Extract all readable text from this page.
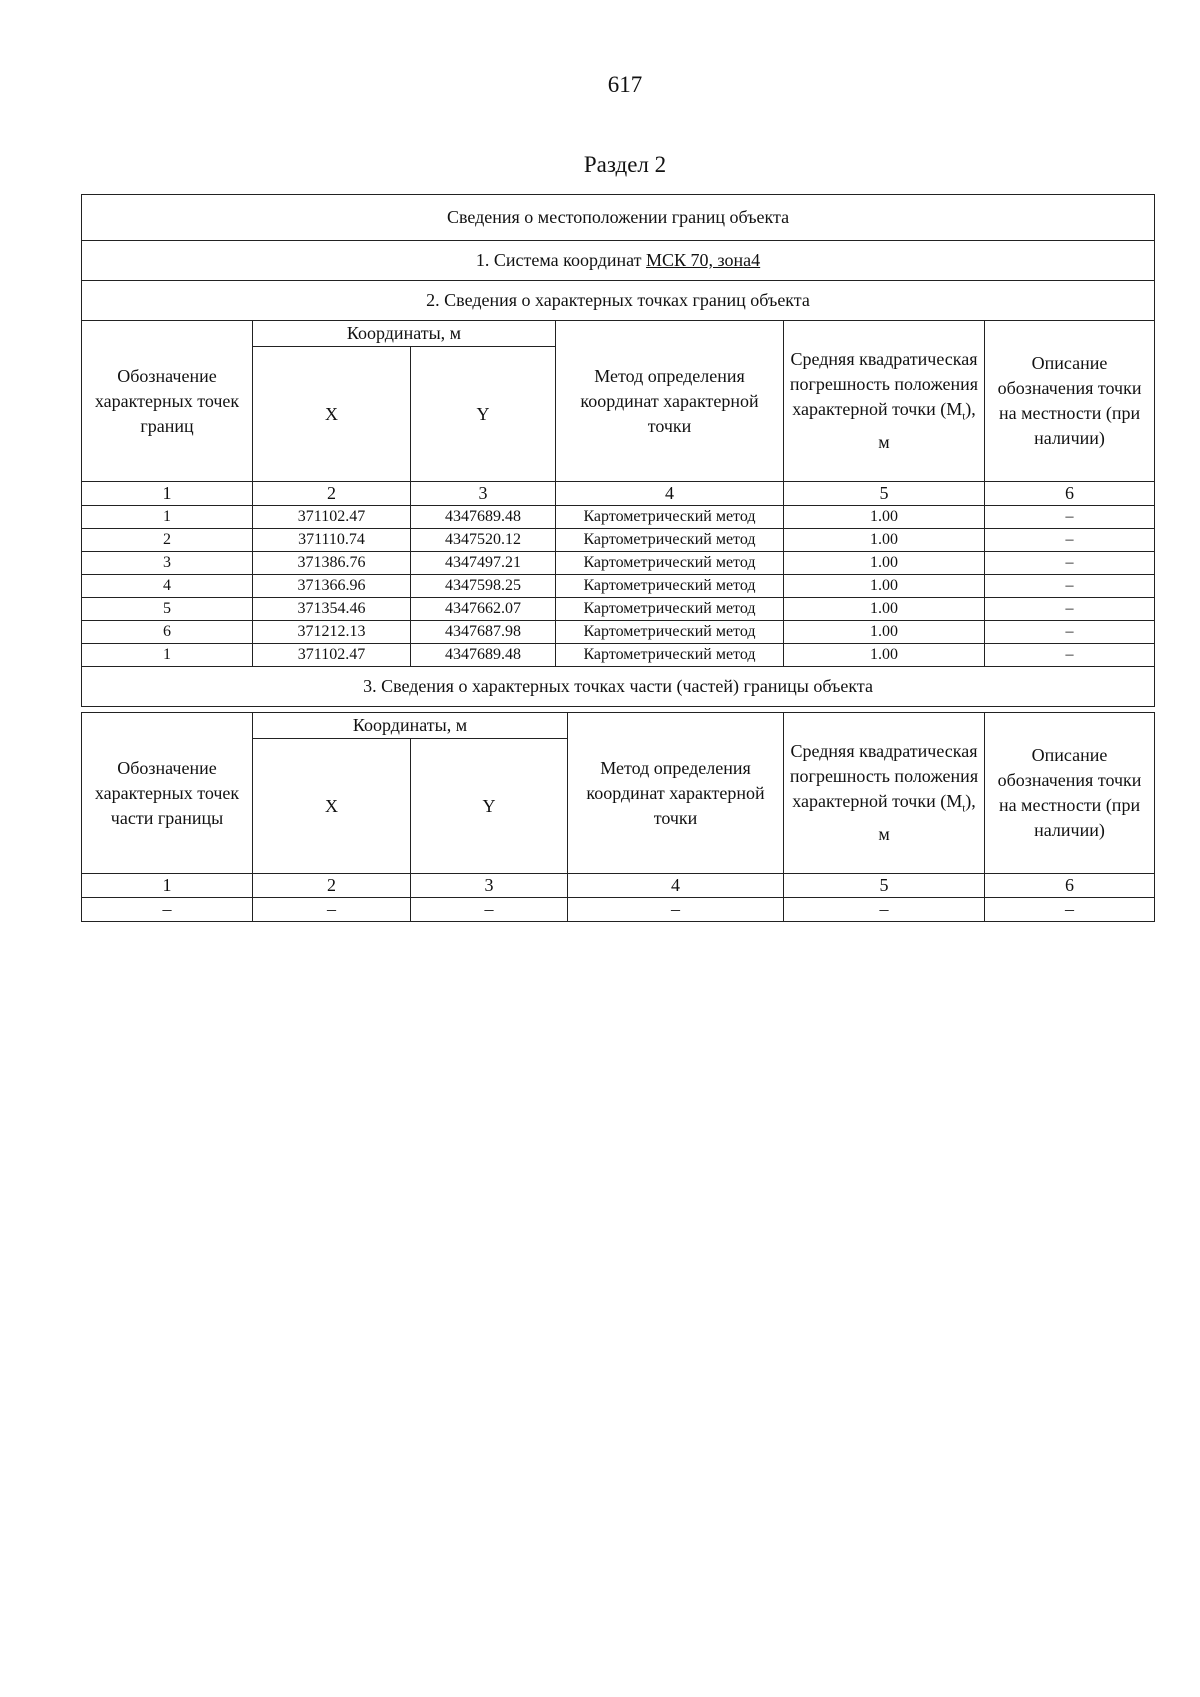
617
Раздел 2
Сведения о местоположении границ объекта					
1. Система координат МСК 70, зона4					
2. Сведения о характерных точках границ объекта					
Обозначение характерных точек границ	Координаты, м		Метод определения координат характерной точки	Средняя квадратическая погрешность положения характерной точки $(M_t)$, м	Описание обозначения точки на местности (при наличии)
	X	Y			
1	2	3	4	5	6
1	371102.47	4347689.48	Картометрический метод	1.00	–
2	371110.74	4347520.12	Картометрический метод	1.00	–
3	371386.76	4347497.21	Картометрический метод	1.00	–
4	371366.96	4347598.25	Картометрический метод	1.00	–
5	371354.46	4347662.07	Картометрический метод	1.00	–
6	371212.13	4347687.98	Картометрический метод	1.00	–
1	371102.47	4347689.48	Картометрический метод	1.00	–
3. Сведения о характерных точках части (частей) границы объекта					
Обозначение характерных точек части границы	Координаты, м		Метод определения координат характерной точки	Средняя квадратическая погрешность положения характерной точки $(M_t)$, м	Описание обозначения точки на местности (при наличии)
	X	Y			
1	2	3	4	5	6
–	–	–	–	–	–
